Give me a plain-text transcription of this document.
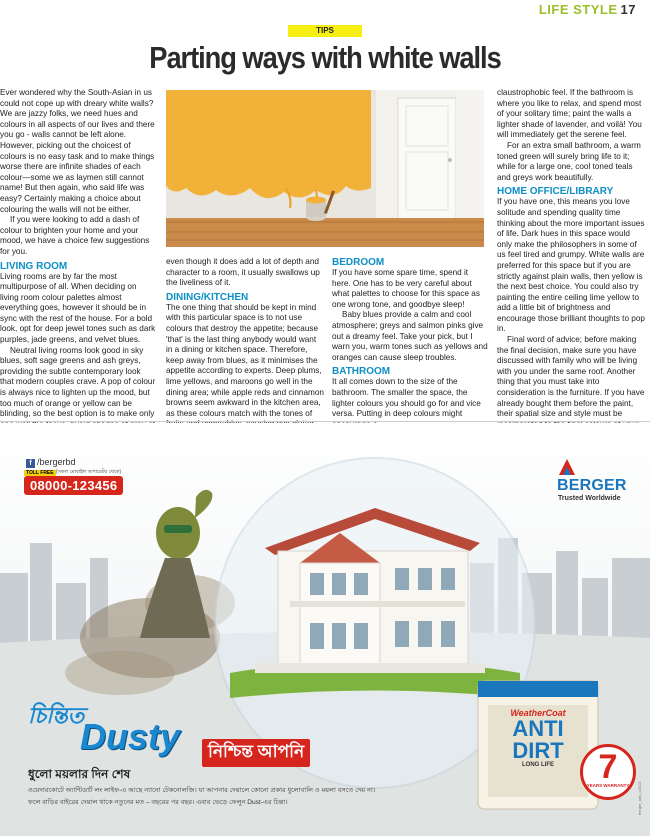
LIFE STYLE 17
TIPS
Parting ways with white walls

Ever wondered why the South-Asian in us could not cope up with dreary white walls? We are jazzy folks, we need hues and colours in all aspects of our lives and there you go - walls cannot be left alone. However, picking out the choicest of colours is no easy task and to make things worse there are infinite shades of each colour—some we as laymen still cannot name! But then again, who said life was easy? Certainly making a choice about colouring the walls will not be either.

If you were looking to add a dash of colour to brighten your home and your mood, we have a choice few suggestions for you.

LIVING ROOM

Living rooms are by far the most multipurpose of all. When deciding on living room colour palettes almost everything goes, however it should be in sync with the rest of the house. For a bold look, opt for deep jewel tones such as dark purples, jade greens, and velvet blues.

Neutral living rooms look good in sky blues, soft sage greens and ash greys, providing the subtle contemporary look that modern couples crave. A pop of colour is always nice to lighten up the mood, but too much of orange or yellow can be blinding, so the best option is to make only

even though it does add a lot of depth and character to a room, it usually swallows up the liveliness of it.

DINING/KITCHEN

The one thing that should be kept in mind with this particular space is to not use colours that destroy the appetite; because 'that' is the last thing anybody would want in a dining or kitchen space. Therefore, keep away from blues, as it minimises the appetite according to experts. Deep plums, lime yellows, and maroons go well in the dining area; while apple reds and cinnamon browns seem awkward in the kitchen area, as these colours match with the tones of

BEDROOM

If you have some spare time, spend it here. One has to be very careful about what palettes to choose for this space as one wrong tone, and goodbye sleep!

Baby blues provide a calm and cool atmosphere; greys and salmon pinks give out a dreamy feel. Take your pick, but I warn you, warm tones such as yellows and oranges can cause sleep troubles.

BATHROOM

It all comes down to the size of the bathroom. The smaller the space, the lighter colours you should go for and vice versa. Putting in deep colours might

claustrophobic feel. If the bathroom is where you like to relax, and spend most of your solitary time; paint the walls a lighter shade of lavender, and voilà! You will immediately get the serene feel.

For an extra small bathroom, a warm toned green will surely bring life to it; while for a large one, cool toned teals and greys work beautifully.

HOME OFFICE/LIBRARY

If you have one, this means you love solitude and spending quality time thinking about the more important issues of life. Dark hues in this space would only make the philosophers in some of us feel tired and grumpy. White walls are preferred for this space but if you are strictly against plain walls, then yellow is the next best choice. You could also try painting the entire ceiling lime yellow to add a little bit of brightness and encourage those brilliant thoughts to pop in.

Final word of advice; before making the final decision, make sure you have discussed with family who will be living with you under the same roof. Another thing that you must take into consideration is the furniture. If you have already bought them before the paint, their spatial size and style must be

চিন্তিত
f /bergerbd
TOLL FREE (সকল মোবাইল অপারেটর থেকে)
08000-123456	BERGER
Trusted Worldwide
Dusty	নিশ্চিন্ত আপনি
ধুলো ময়লার দিন শেষ
ওয়েদারকোটে অ্যান্টিডার্ট লং লাইফ-এ আছে ন্যানো টেকনোলজি। যা আপনার দেয়ালে কোনো প্রকার ধুলোবালি ও ময়লা বসতে দেয় না।
ফলে বাড়ির বাইরের দেয়াল থাকে নতুনের মত – বছরের পর বছর। এবার ভেড়ে ফেলুন Dust-এর চিন্তা।
WeatherCoat
ANTI
DIRT
LONG LIFE	7
YEARS WARRANTY	berger_adv_c2013
